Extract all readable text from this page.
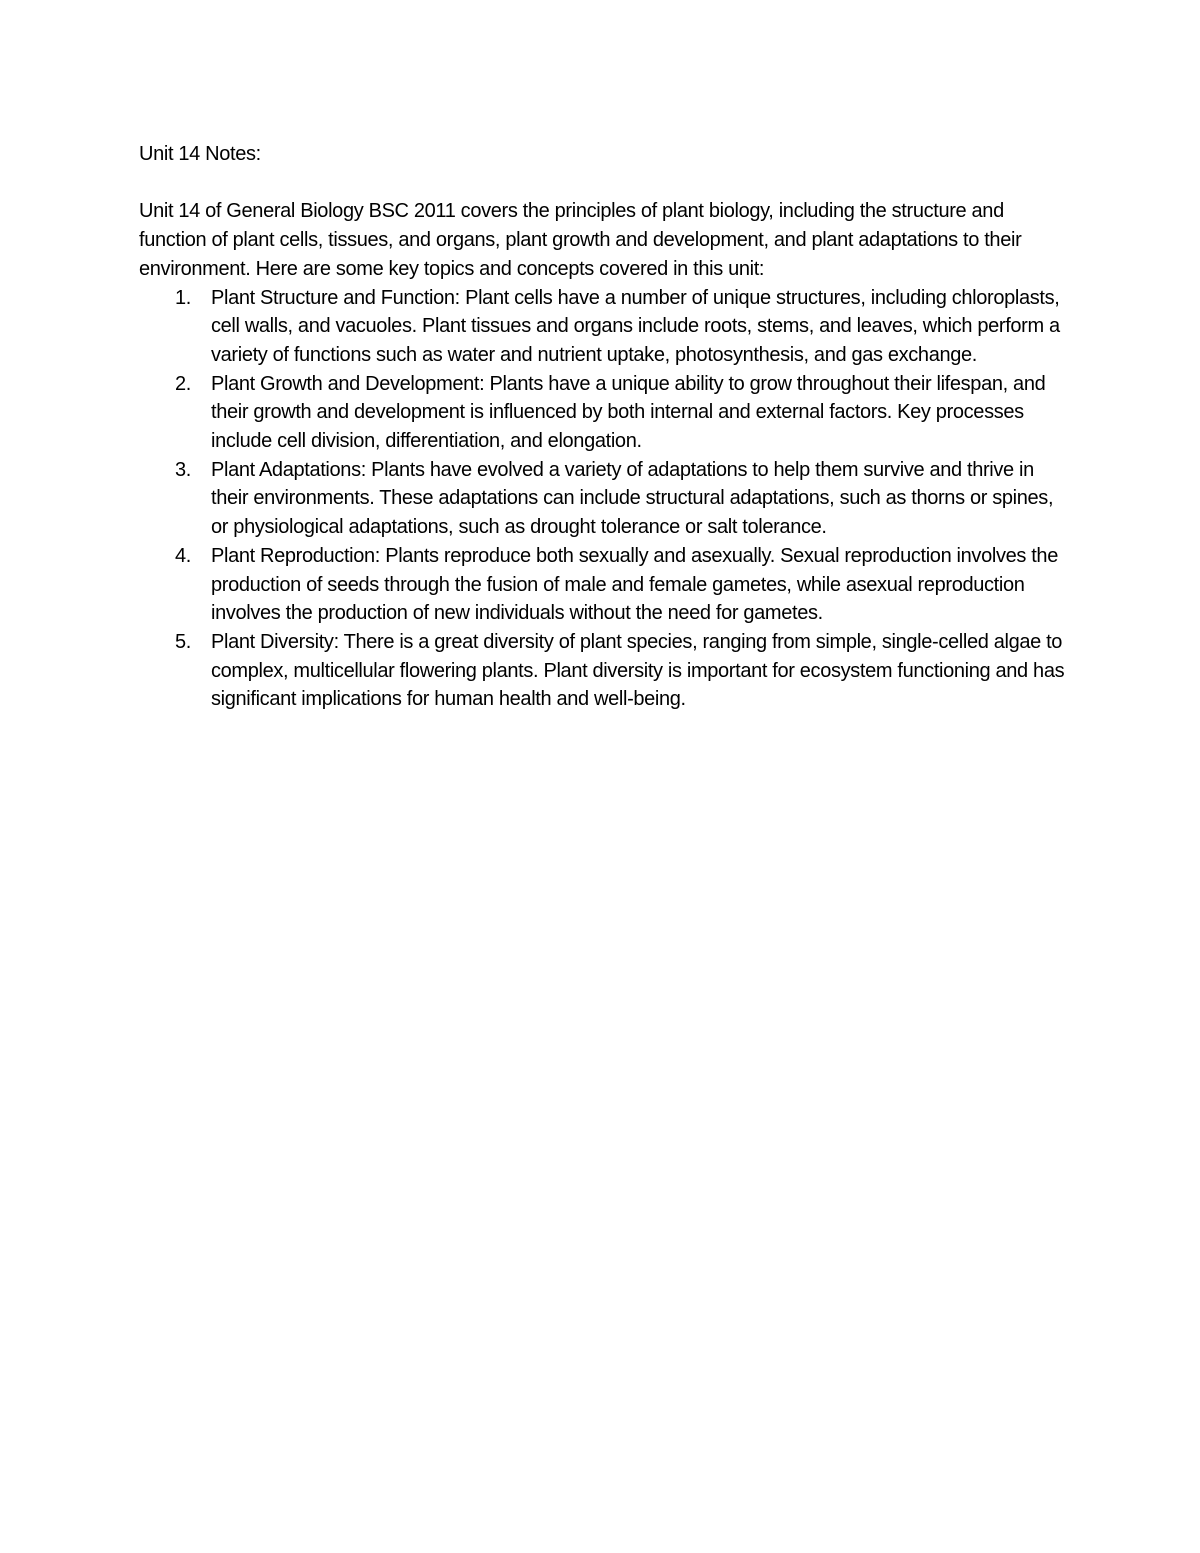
Unit 14 Notes:

Unit 14 of General Biology BSC 2011 covers the principles of plant biology, including the structure and function of plant cells, tissues, and organs, plant growth and development, and plant adaptations to their environment. Here are some key topics and concepts covered in this unit:

1. Plant Structure and Function: Plant cells have a number of unique structures, including chloroplasts, cell walls, and vacuoles. Plant tissues and organs include roots, stems, and leaves, which perform a variety of functions such as water and nutrient uptake, photosynthesis, and gas exchange.
2. Plant Growth and Development: Plants have a unique ability to grow throughout their lifespan, and their growth and development is influenced by both internal and external factors. Key processes include cell division, differentiation, and elongation.
3. Plant Adaptations: Plants have evolved a variety of adaptations to help them survive and thrive in their environments. These adaptations can include structural adaptations, such as thorns or spines, or physiological adaptations, such as drought tolerance or salt tolerance.
4. Plant Reproduction: Plants reproduce both sexually and asexually. Sexual reproduction involves the production of seeds through the fusion of male and female gametes, while asexual reproduction involves the production of new individuals without the need for gametes.
5. Plant Diversity: There is a great diversity of plant species, ranging from simple, single-celled algae to complex, multicellular flowering plants. Plant diversity is important for ecosystem functioning and has significant implications for human health and well-being.
